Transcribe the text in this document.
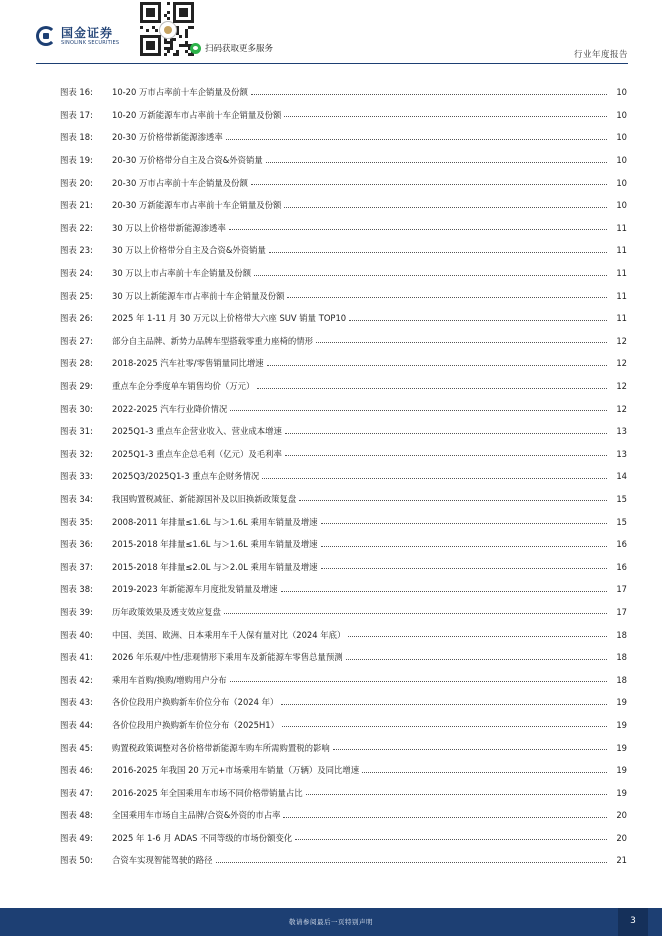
国金证券
SINOLINK SECURITIES
扫码获取更多服务
行业年度报告
图表 16:	10-20 万市占率前十车企销量及份额	10
图表 17:	10-20 万新能源车市占率前十车企销量及份额	10
图表 18:	20-30 万价格带新能源渗透率	10
图表 19:	20-30 万价格带分自主及合资&外资销量	10
图表 20:	20-30 万市占率前十车企销量及份额	10
图表 21:	20-30 万新能源车市占率前十车企销量及份额	10
图表 22:	30 万以上价格带新能源渗透率	11
图表 23:	30 万以上价格带分自主及合资&外资销量	11
图表 24:	30 万以上市占率前十车企销量及份额	11
图表 25:	30 万以上新能源车市占率前十车企销量及份额	11
图表 26:	2025 年 1-11 月 30 万元以上价格带大六座 SUV 销量 TOP10	11
图表 27:	部分自主品牌、新势力品牌车型搭载零重力座椅的情形	12
图表 28:	2018-2025 汽车社零/零售销量同比增速	12
图表 29:	重点车企分季度单车销售均价（万元）	12
图表 30:	2022-2025 汽车行业降价情况	12
图表 31:	2025Q1-3 重点车企营业收入、营业成本增速	13
图表 32:	2025Q1-3 重点车企总毛利（亿元）及毛利率	13
图表 33:	2025Q3/2025Q1-3 重点车企财务情况	14
图表 34:	我国购置税减征、新能源国补及以旧换新政策复盘	15
图表 35:	2008-2011 年排量≤1.6L 与＞1.6L 乘用车销量及增速	15
图表 36:	2015-2018 年排量≤1.6L 与＞1.6L 乘用车销量及增速	16
图表 37:	2015-2018 年排量≤2.0L 与＞2.0L 乘用车销量及增速	16
图表 38:	2019-2023 年新能源车月度批发销量及增速	17
图表 39:	历年政策效果及透支效应复盘	17
图表 40:	中国、美国、欧洲、日本乘用车千人保有量对比（2024 年底）	18
图表 41:	2026 年乐观/中性/悲观情形下乘用车及新能源车零售总量预测	18
图表 42:	乘用车首购/换购/增购用户分布	18
图表 43:	各价位段用户换购新车价位分布（2024 年）	19
图表 44:	各价位段用户换购新车价位分布（2025H1）	19
图表 45:	购置税政策调整对各价格带新能源车购车所需购置税的影响	19
图表 46:	2016-2025 年我国 20 万元+市场乘用车销量（万辆）及同比增速	19
图表 47:	2016-2025 年全国乘用车市场不同价格带销量占比	19
图表 48:	全国乘用车市场自主品牌/合资&外资的市占率	20
图表 49:	2025 年 1-6 月 ADAS 不同等级的市场份额变化	20
图表 50:	合资车实现智能驾驶的路径	21
敬请参阅最后一页特别声明	3
